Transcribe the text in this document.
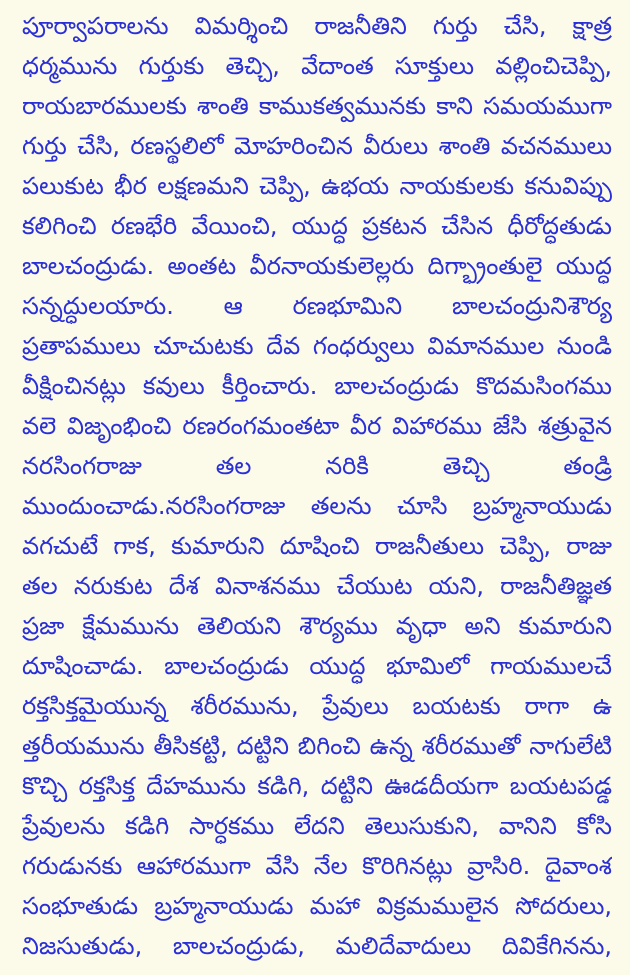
పూర్వాపరాలను విమర్శించి రాజనీతిని గుర్తు చేసి, క్షాత్ర
ధర్మమును గుర్తుకు తెచ్చి, వేదాంత సూక్తులు వల్లించిచెప్పి,
రాయబారములకు శాంతి కాముకత్వమునకు కాని సమయముగా
గుర్తు చేసి, రణస్థలిలో మోహరించిన వీరులు శాంతి వచనములు
పలుకుట భీర లక్షణమని చెప్పి, ఉభయ నాయకులకు కనువిప్పు
కలిగించి రణభేరి వేయించి, యుద్ధ ప్రకటన చేసిన ధీరోద్ధతుడు
బాలచంద్రుడు. అంతట వీరనాయకులెల్లరు దిగ్భ్రాంతులై యుద్ధ
సన్నద్ధులయారు. ఆ రణభూమిని బాలచంద్రునిశౌర్య
ప్రతాపములు చూచుటకు దేవ గంధర్వులు విమానముల నుండి
వీక్షించినట్లు కవులు కీర్తించారు. బాలచంద్రుడు కొదమసింగము
వలె విజృంభించి రణరంగమంతటా వీర విహారము జేసి శత్రువైన
నరసింగరాజు తల నరికి తెచ్చి తండ్రి
ముందుంచాడు.నరసింగరాజు తలను చూసి బ్రహ్మనాయుడు
వగచుటే గాక, కుమారుని దూషించి రాజనీతులు చెప్పి, రాజు
తల నరుకుట దేశ వినాశనము చేయుట యని, రాజనీతిజ్ఞత
ప్రజా క్షేమమును తెలియని శౌర్యము వృధా అని కుమారుని
దూషించాడు. బాలచంద్రుడు యుద్ధ భూమిలో గాయములచే
రక్తసిక్తమైయున్న శరీరమును, ప్రేవులు బయటకు రాగా ఉ
త్తరీయమును తీసికట్టి, దట్టిని బిగించి ఉన్న శరీరముతో నాగులేటి
కొచ్చి రక్తసిక్త దేహమును కడిగి, దట్టిని ఊడదీయగా బయటపడ్డ
ప్రేవులను కడిగి సార్ధకము లేదని తెలుసుకుని, వానిని కోసి
గరుడునకు ఆహారముగా వేసి నేల కొరిగినట్లు వ్రాసిరి. దైవాంశ
సంభూతుడు బ్రహ్మనాయుడు మహా విక్రమములైన సోదరులు,
నిజసుతుడు, బాలచంద్రుడు, మలిదేవాదులు దివికేగినను,
